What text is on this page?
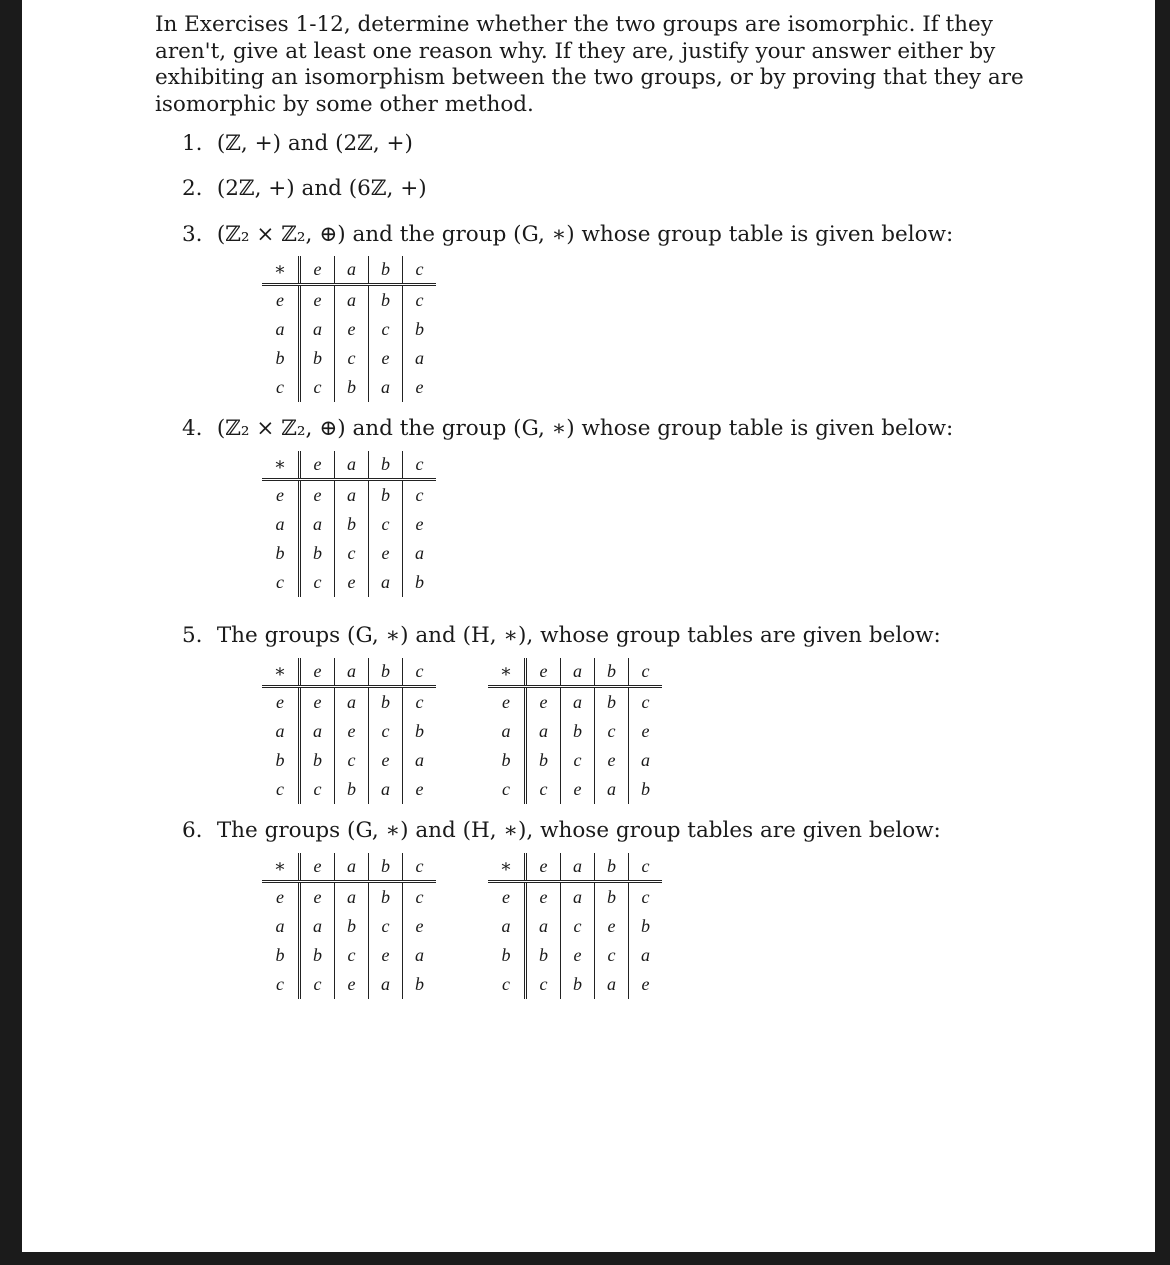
In Exercises 1-12, determine whether the two groups are isomorphic. If they aren't, give at least one reason why. If they are, justify your answer either by exhibiting an isomorphism between the two groups, or by proving that they are isomorphic by some other method.
1. (ℤ, +) and (2ℤ, +)
2. (2ℤ, +) and (6ℤ, +)
3. (ℤ₂ × ℤ₂, ⊕) and the group (G, ∗) whose group table is given below:
∗	e	a	b	c
e	e	a	b	c
a	a	e	c	b
b	b	c	e	a
c	c	b	a	e
4. (ℤ₂ × ℤ₂, ⊕) and the group (G, ∗) whose group table is given below:
∗	e	a	b	c
e	e	a	b	c
a	a	b	c	e
b	b	c	e	a
c	c	e	a	b
5. The groups (G, ∗) and (H, ∗), whose group tables are given below:
∗	e	a	b	c
e	e	a	b	c
a	a	e	c	b
b	b	c	e	a
c	c	b	a	e
∗	e	a	b	c
e	e	a	b	c
a	a	b	c	e
b	b	c	e	a
c	c	e	a	b
6. The groups (G, ∗) and (H, ∗), whose group tables are given below:
∗	e	a	b	c
e	e	a	b	c
a	a	b	c	e
b	b	c	e	a
c	c	e	a	b
∗	e	a	b	c
e	e	a	b	c
a	a	c	e	b
b	b	e	c	a
c	c	b	a	e
